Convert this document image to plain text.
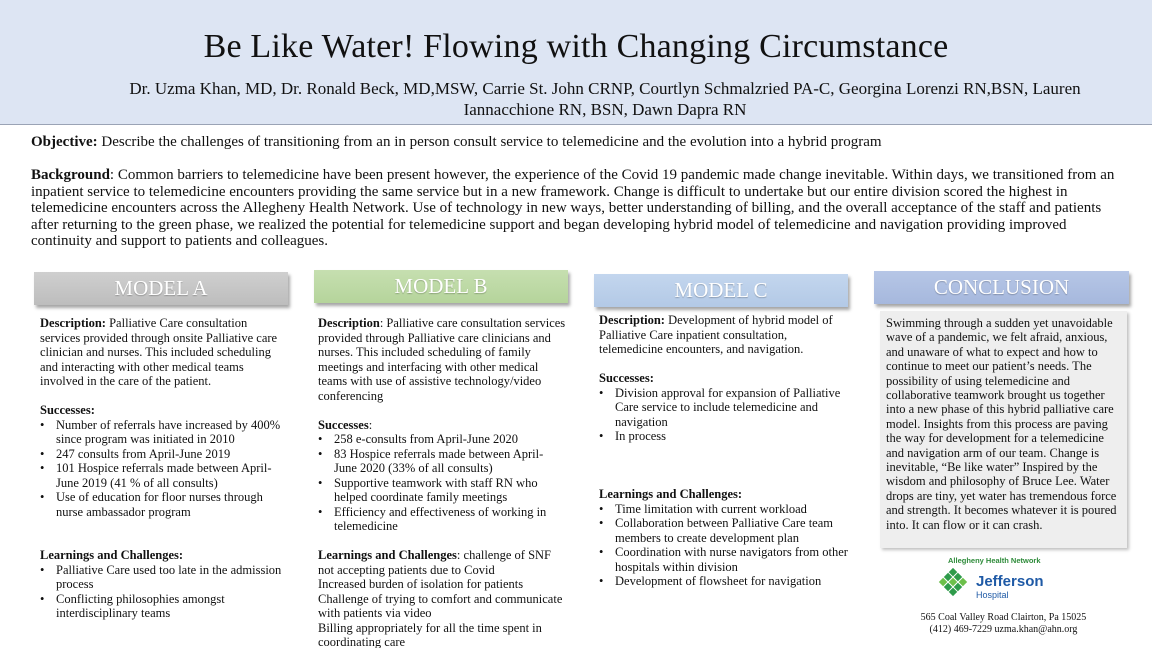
Be Like Water! Flowing with Changing Circumstance
Dr. Uzma Khan, MD, Dr. Ronald Beck, MD,MSW, Carrie St. John CRNP, Courtlyn Schmalzried PA-C, Georgina Lorenzi RN,BSN, Lauren Iannacchione RN, BSN, Dawn Dapra RN
Objective: Describe the challenges of transitioning from an in person consult service to telemedicine and the evolution into a hybrid program
Background: Common barriers to telemedicine have been present however, the experience of the Covid 19 pandemic made change inevitable. Within days, we transitioned from an inpatient service to telemedicine encounters providing the same service but in a new framework. Change is difficult to undertake but our entire division scored the highest in telemedicine encounters across the Allegheny Health Network. Use of technology in new ways, better understanding of billing, and the overall acceptance of the staff and patients after returning to the green phase, we realized the potential for telemedicine support and began developing hybrid model of telemedicine and navigation providing improved continuity and support to patients and colleagues.
MODEL A	MODEL B	MODEL C	CONCLUSION

Description: Palliative Care consultation services provided through onsite Palliative care clinician and nurses. This included scheduling and interacting with other medical teams involved in the care of the patient.

Successes:

• Number of referrals have increased by 400% since program was initiated in 2010
• 247 consults from April-June 2019
• 101 Hospice referrals made between April-June 2019 (41 % of all consults)
• Use of education for floor nurses through nurse ambassador program

Learnings and Challenges:

• Palliative Care used too late in the admission process
• Conflicting philosophies amongst interdisciplinary teams

Description: Palliative care consultation services provided through Palliative care clinicians and nurses. This included scheduling of family meetings and interfacing with other medical teams with use of assistive technology/video conferencing

Successes:

• 258 e-consults from April-June 2020
• 83 Hospice referrals made between April-June 2020 (33% of all consults)
• Supportive teamwork with staff RN who helped coordinate family meetings
• Efficiency and effectiveness of working in telemedicine

Learnings and Challenges: challenge of SNF not accepting patients due to Covid

Increased burden of isolation for patients

Challenge of trying to comfort and communicate with patients via video

Billing appropriately for all the time spent in coordinating care

Description: Development of hybrid model of Palliative Care inpatient consultation, telemedicine encounters, and navigation.

Successes:

• Division approval for expansion of Palliative Care service to include telemedicine and navigation
• In process

Learnings and Challenges:

• Time limitation with current workload
• Collaboration between Palliative Care team members to create development plan
• Coordination with nurse navigators from other hospitals within division
• Development of flowsheet for navigation

Swimming through a sudden yet unavoidable wave of a pandemic, we felt afraid, anxious, and unaware of what to expect and how to continue to meet our patient’s needs. The possibility of using telemedicine and collaborative teamwork brought us together into a new phase of this hybrid palliative care model. Insights from this process are paving the way for development for a telemedicine and navigation arm of our team. Change is inevitable, “Be like water” Inspired by the wisdom and philosophy of Bruce Lee. Water drops are tiny, yet water has tremendous force and strength. It becomes whatever it is poured into. It can flow or it can crash.

Allegheny Health Network
Jefferson
Hospital
565 Coal Valley Road Clairton, Pa 15025
(412) 469-7229 uzma.khan@ahn.org
